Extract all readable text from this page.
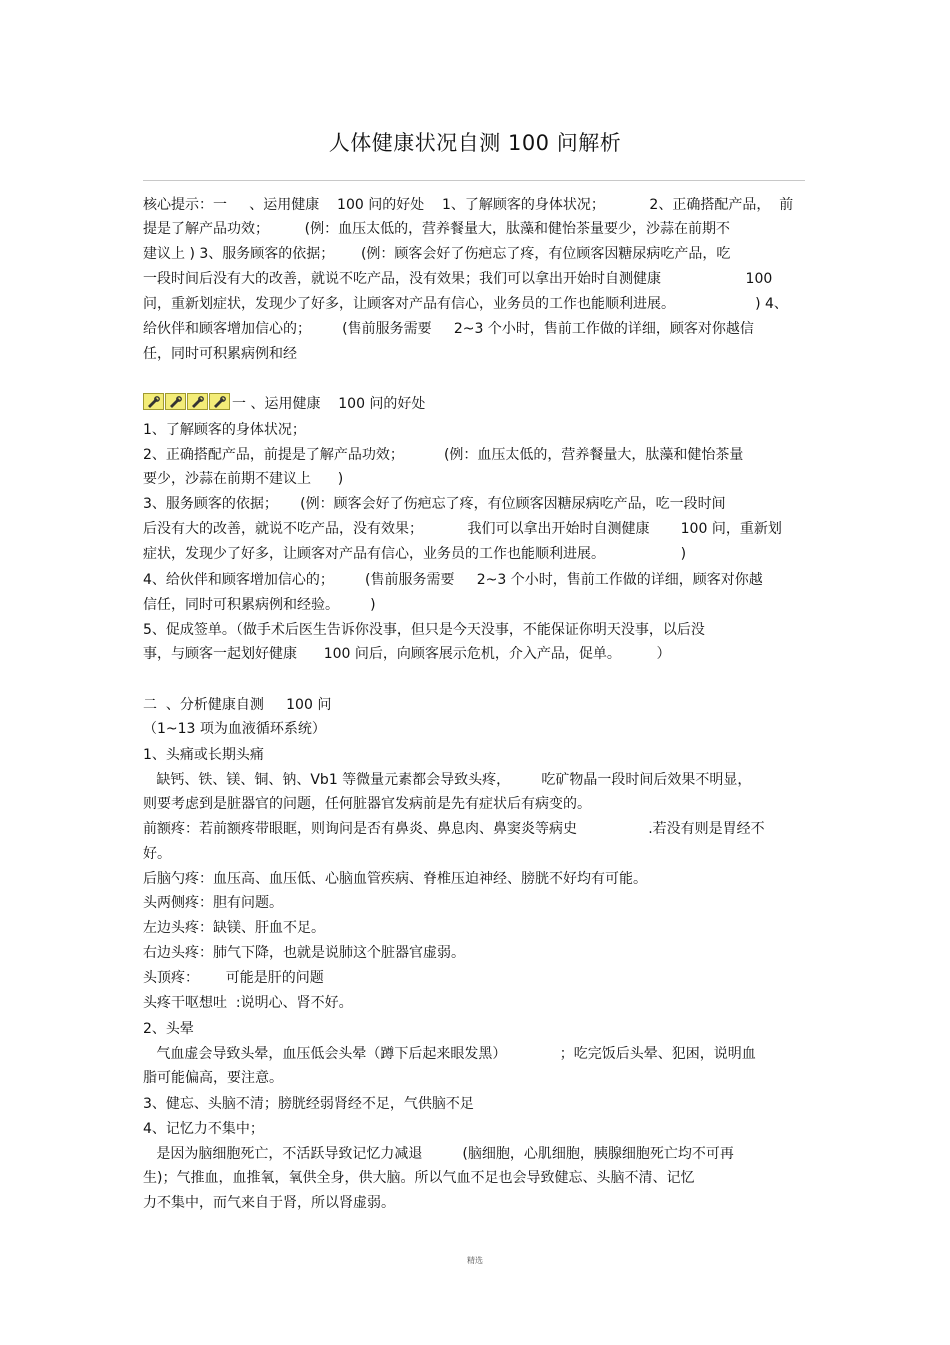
人体健康状况自测 100 问解析
核心提示：一     、运用健康    100 问的好处    1、了解顾客的身体状况；          2、正确搭配产品，  前
提是了解产品功效；        (例：血压太低的，营养餐量大，肽藻和健怡茶量要少，沙蒜在前期不
建议上 ) 3、服务顾客的依据；      (例：顾客会好了伤疤忘了疼，有位顾客因糖尿病吃产品，吃
一段时间后没有大的改善，就说不吃产品，没有效果；我们可以拿出开始时自测健康                   100
问，重新划症状，发现少了好多，让顾客对产品有信心，业务员的工作也能顺利进展。                  ) 4、
给伙伴和顾客增加信心的；       (售前服务需要     2~3 个小时，售前工作做的详细，顾客对你越信
任，同时可积累病例和经
一 、运用健康    100 问的好处
1、了解顾客的身体状况；
2、正确搭配产品，前提是了解产品功效；         (例：血压太低的，营养餐量大，肽藻和健怡茶量
要少，沙蒜在前期不建议上      )
3、服务顾客的依据；     (例：顾客会好了伤疤忘了疼，有位顾客因糖尿病吃产品，吃一段时间
后没有大的改善，就说不吃产品，没有效果；          我们可以拿出开始时自测健康       100 问，重新划
症状，发现少了好多，让顾客对产品有信心，业务员的工作也能顺利进展。                 )
4、给伙伴和顾客增加信心的；       (售前服务需要     2~3 个小时，售前工作做的详细，顾客对你越
信任，同时可积累病例和经验。       )
5、促成签单。（做手术后医生告诉你没事，但只是今天没事，不能保证你明天没事，以后没
事，与顾客一起划好健康      100 问后，向顾客展示危机，介入产品，促单。        ）
二  、分析健康自测     100 问
（1~13 项为血液循环系统）
1、头痛或长期头痛
缺钙、铁、镁、铜、钠、Vb1 等微量元素都会导致头疼，       吃矿物晶一段时间后效果不明显，
则要考虑到是脏器官的问题，任何脏器官发病前是先有症状后有病变的。
前额疼：若前额疼带眼眶，则询问是否有鼻炎、鼻息肉、鼻窦炎等病史                .若没有则是胃经不
好。
后脑勺疼：血压高、血压低、心脑血管疾病、脊椎压迫神经、膀胱不好均有可能。
头两侧疼：胆有问题。
左边头疼：缺镁、肝血不足。
右边头疼：肺气下降，也就是说肺这个脏器官虚弱。
头顶疼：      可能是肝的问题
头疼干呕想吐  :说明心、肾不好。
2、头晕
气血虚会导致头晕，血压低会头晕（蹲下后起来眼发黑）            ；吃完饭后头晕、犯困，说明血
脂可能偏高，要注意。
3、健忘、头脑不清；膀胱经弱肾经不足，气供脑不足
4、记忆力不集中；
是因为脑细胞死亡，不活跃导致记忆力减退         (脑细胞，心肌细胞，胰腺细胞死亡均不可再
生)；气推血，血推氧，氧供全身，供大脑。所以气血不足也会导致健忘、头脑不清、记忆
力不集中，而气来自于肾，所以肾虚弱。
精选
